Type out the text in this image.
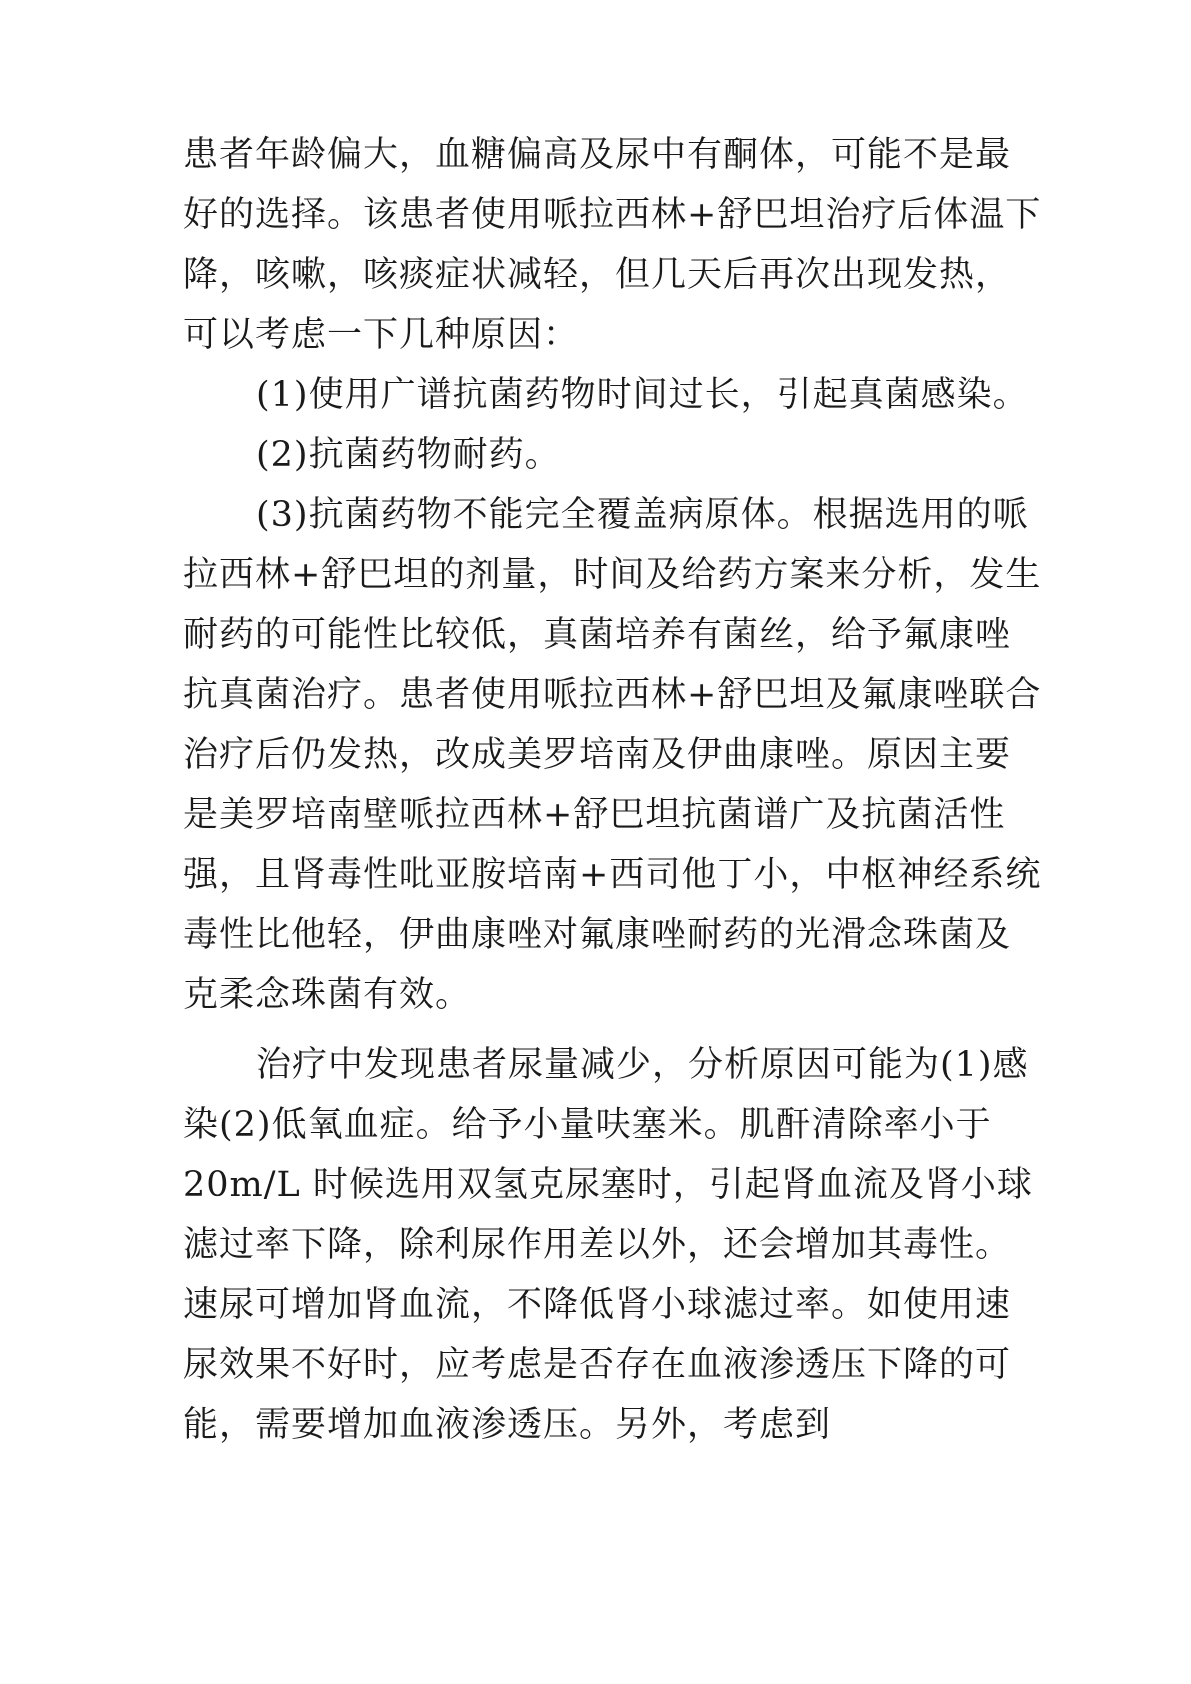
患者年龄偏大，血糖偏高及尿中有酮体，可能不是最

好的选择。该患者使用哌拉西林+舒巴坦治疗后体温下

降，咳嗽，咳痰症状减轻，但几天后再次出现发热，

可以考虑一下几种原因：

(1)使用广谱抗菌药物时间过长，引起真菌感染。

(2)抗菌药物耐药。

(3)抗菌药物不能完全覆盖病原体。根据选用的哌

拉西林+舒巴坦的剂量，时间及给药方案来分析，发生

耐药的可能性比较低，真菌培养有菌丝，给予氟康唑

抗真菌治疗。患者使用哌拉西林+舒巴坦及氟康唑联合

治疗后仍发热，改成美罗培南及伊曲康唑。原因主要

是美罗培南壁哌拉西林+舒巴坦抗菌谱广及抗菌活性

强，且肾毒性吡亚胺培南+西司他丁小，中枢神经系统

毒性比他轻，伊曲康唑对氟康唑耐药的光滑念珠菌及

克柔念珠菌有效。

治疗中发现患者尿量减少，分析原因可能为(1)感

染(2)低氧血症。给予小量呋塞米。肌酐清除率小于

20m/L 时候选用双氢克尿塞时，引起肾血流及肾小球

滤过率下降，除利尿作用差以外，还会增加其毒性。

速尿可增加肾血流，不降低肾小球滤过率。如使用速

尿效果不好时，应考虑是否存在血液渗透压下降的可

能，需要增加血液渗透压。另外，考虑到
